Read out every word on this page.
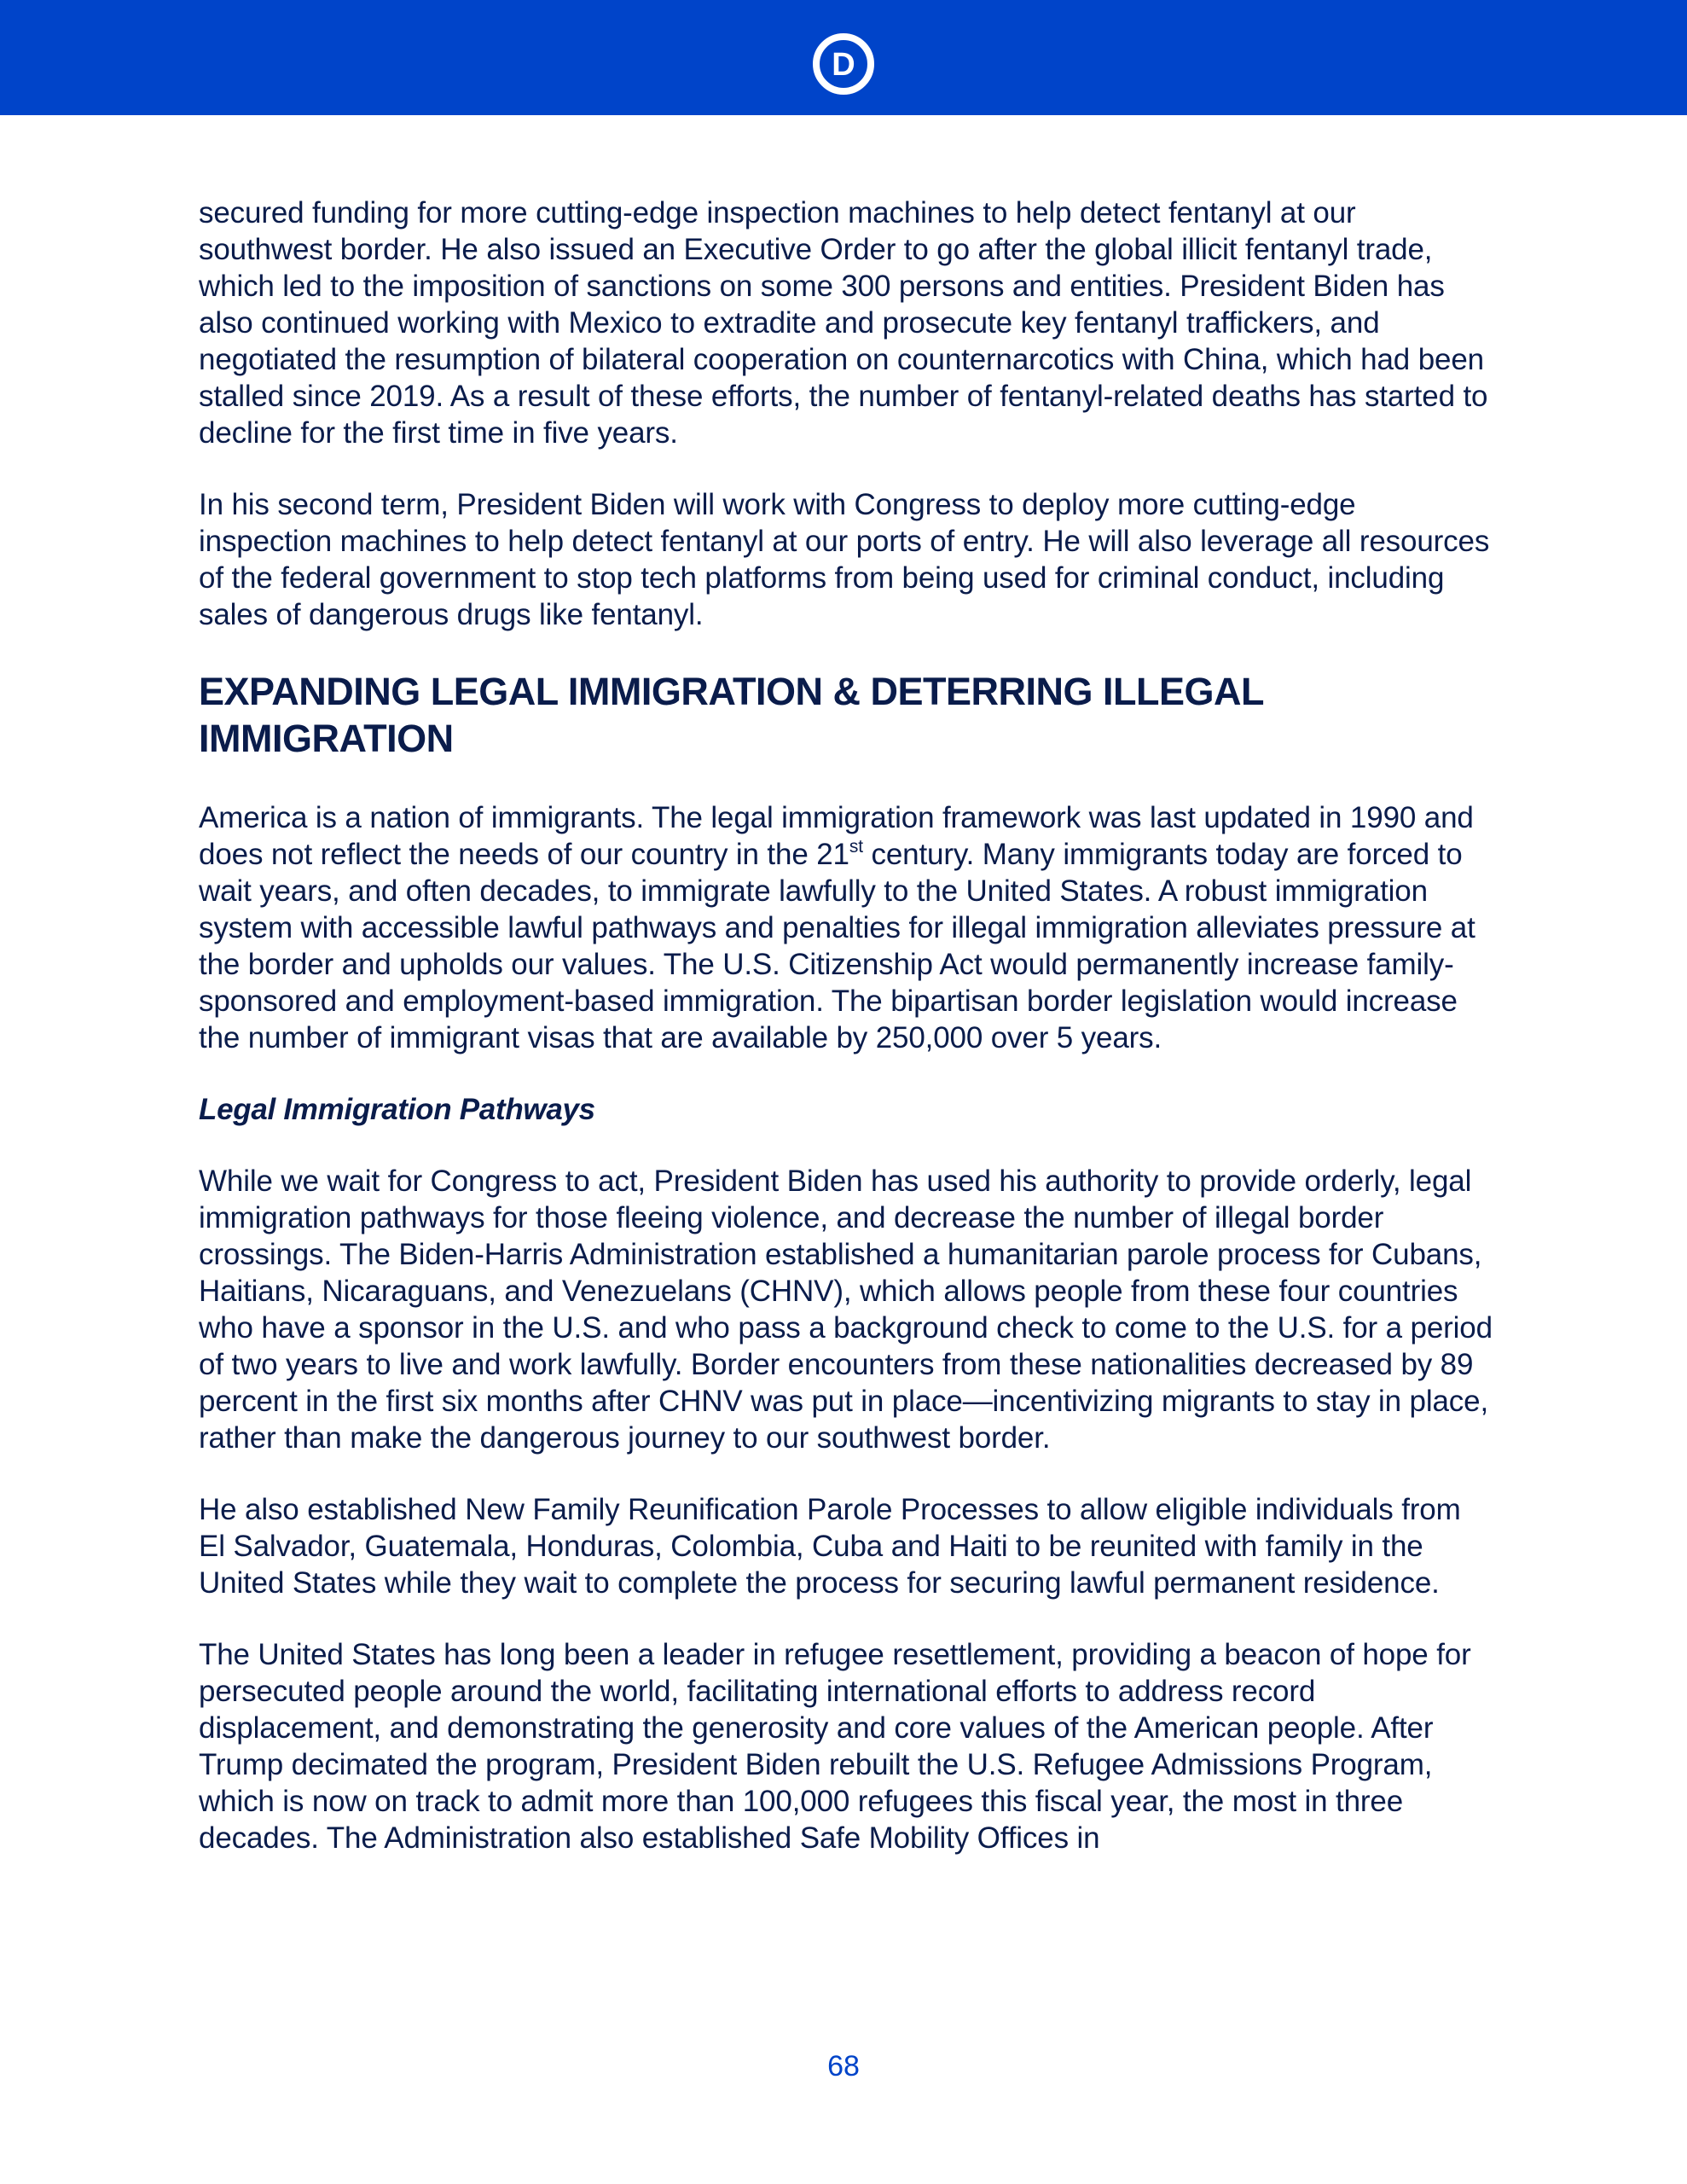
D

secured funding for more cutting-edge inspection machines to help detect fentanyl at our southwest border. He also issued an Executive Order to go after the global illicit fentanyl trade, which led to the imposition of sanctions on some 300 persons and entities. President Biden has also continued working with Mexico to extradite and prosecute key fentanyl traffickers, and negotiated the resumption of bilateral cooperation on counternarcotics with China, which had been stalled since 2019. As a result of these efforts, the number of fentanyl-related deaths has started to decline for the first time in five years.

In his second term, President Biden will work with Congress to deploy more cutting-edge inspection machines to help detect fentanyl at our ports of entry. He will also leverage all resources of the federal government to stop tech platforms from being used for criminal conduct, including sales of dangerous drugs like fentanyl.

EXPANDING LEGAL IMMIGRATION & DETERRING ILLEGAL IMMIGRATION

America is a nation of immigrants. The legal immigration framework was last updated in 1990 and does not reflect the needs of our country in the 21st century. Many immigrants today are forced to wait years, and often decades, to immigrate lawfully to the United States. A robust immigration system with accessible lawful pathways and penalties for illegal immigration alleviates pressure at the border and upholds our values. The U.S. Citizenship Act would permanently increase family-sponsored and employment-based immigration. The bipartisan border legislation would increase the number of immigrant visas that are available by 250,000 over 5 years.

Legal Immigration Pathways

While we wait for Congress to act, President Biden has used his authority to provide orderly, legal immigration pathways for those fleeing violence, and decrease the number of illegal border crossings. The Biden-Harris Administration established a humanitarian parole process for Cubans, Haitians, Nicaraguans, and Venezuelans (CHNV), which allows people from these four countries who have a sponsor in the U.S. and who pass a background check to come to the U.S. for a period of two years to live and work lawfully. Border encounters from these nationalities decreased by 89 percent in the first six months after CHNV was put in place—incentivizing migrants to stay in place, rather than make the dangerous journey to our southwest border.

He also established New Family Reunification Parole Processes to allow eligible individuals from El Salvador, Guatemala, Honduras, Colombia, Cuba and Haiti to be reunited with family in the United States while they wait to complete the process for securing lawful permanent residence.

The United States has long been a leader in refugee resettlement, providing a beacon of hope for persecuted people around the world, facilitating international efforts to address record displacement, and demonstrating the generosity and core values of the American people. After Trump decimated the program, President Biden rebuilt the U.S. Refugee Admissions Program, which is now on track to admit more than 100,000 refugees this fiscal year, the most in three decades. The Administration also established Safe Mobility Offices in

68
